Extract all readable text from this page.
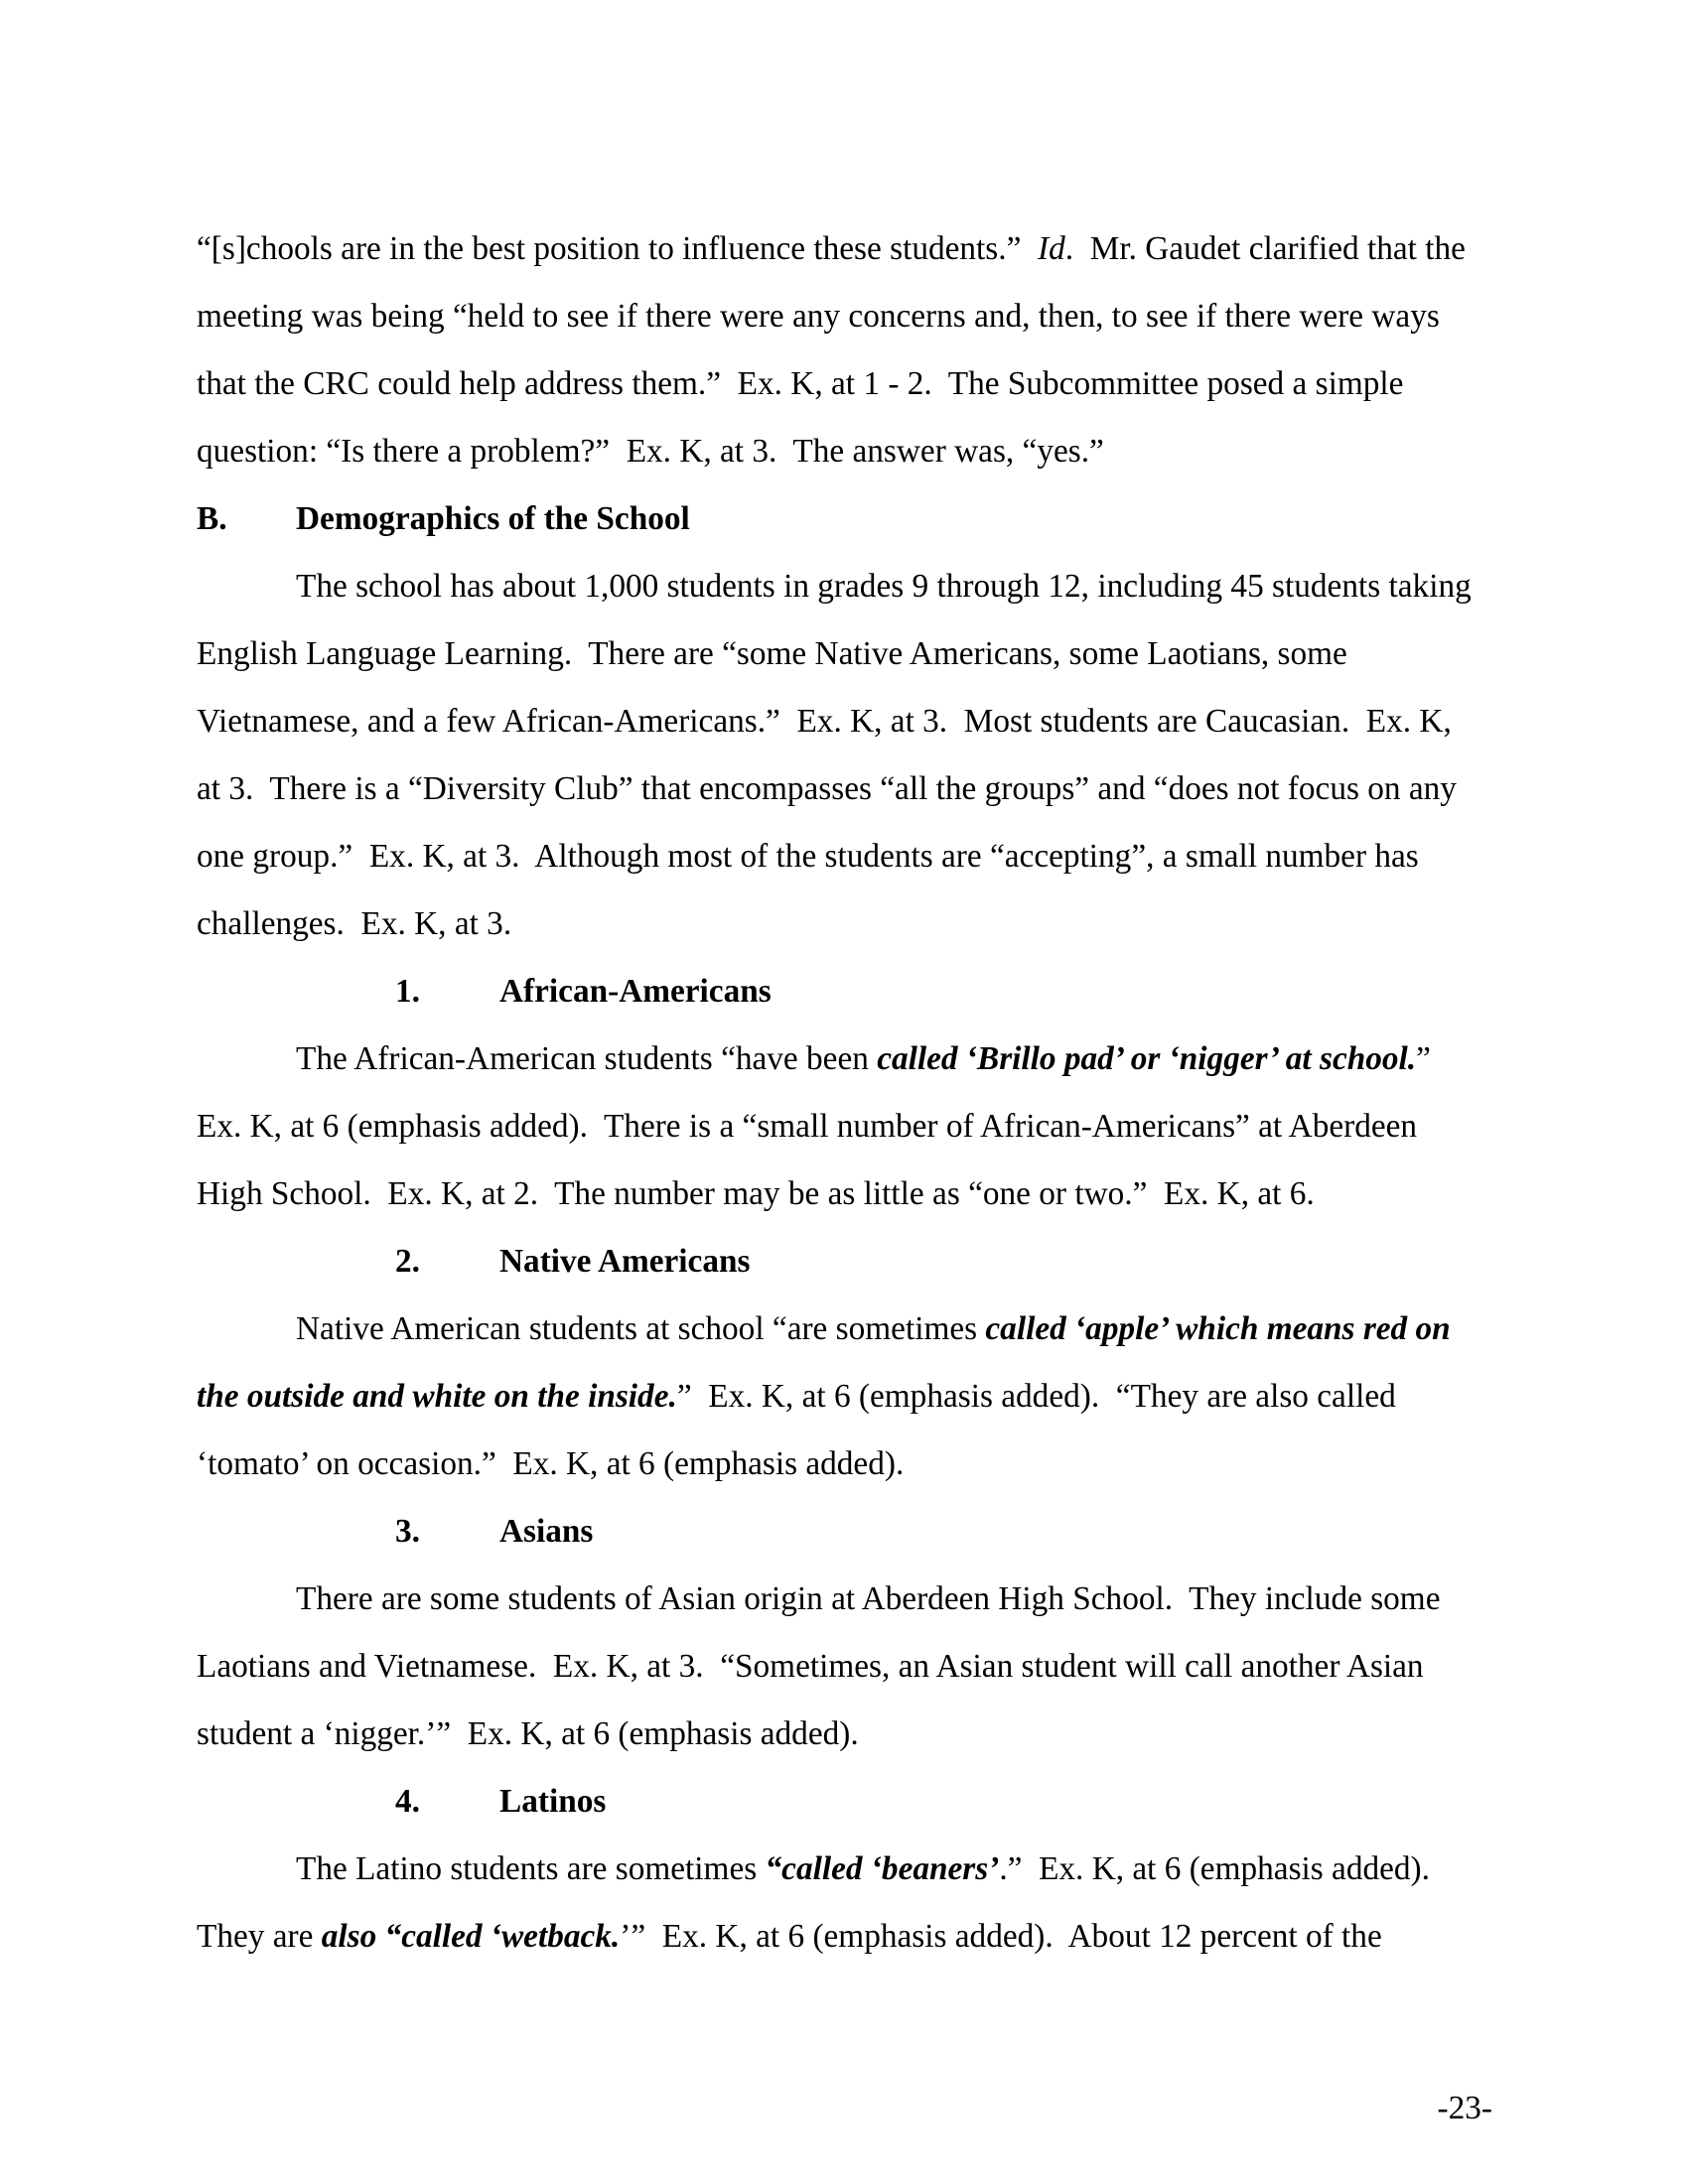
“[s]chools are in the best position to influence these students.”  Id.  Mr. Gaudet clarified that the
meeting was being “held to see if there were any concerns and, then, to see if there were ways
that the CRC could help address them.”  Ex. K, at 1 - 2.  The Subcommittee posed a simple
question: “Is there a problem?”  Ex. K, at 3.  The answer was, “yes.”
B. Demographics of the School
The school has about 1,000 students in grades 9 through 12, including 45 students taking
English Language Learning.  There are “some Native Americans, some Laotians, some
Vietnamese, and a few African-Americans.”  Ex. K, at 3.  Most students are Caucasian.  Ex. K,
at 3.  There is a “Diversity Club” that encompasses “all the groups” and “does not focus on any
one group.”  Ex. K, at 3.  Although most of the students are “accepting”, a small number has
challenges.  Ex. K, at 3.
1. African-Americans
The African-American students “have been called ‘Brillo pad’ or ‘nigger’ at school.”
Ex. K, at 6 (emphasis added).  There is a “small number of African-Americans” at Aberdeen
High School.  Ex. K, at 2.  The number may be as little as “one or two.”  Ex. K, at 6.
2. Native Americans
Native American students at school “are sometimes called ‘apple’ which means red on
the outside and white on the inside.”  Ex. K, at 6 (emphasis added).  “They are also called
‘tomato’ on occasion.”  Ex. K, at 6 (emphasis added).
3. Asians
There are some students of Asian origin at Aberdeen High School.  They include some
Laotians and Vietnamese.  Ex. K, at 3.  “Sometimes, an Asian student will call another Asian
student a ‘nigger.’”  Ex. K, at 6 (emphasis added).
4. Latinos
The Latino students are sometimes “called ‘beaners’.”  Ex. K, at 6 (emphasis added).
They are also “called ‘wetback.’”  Ex. K, at 6 (emphasis added).  About 12 percent of the
-23-
